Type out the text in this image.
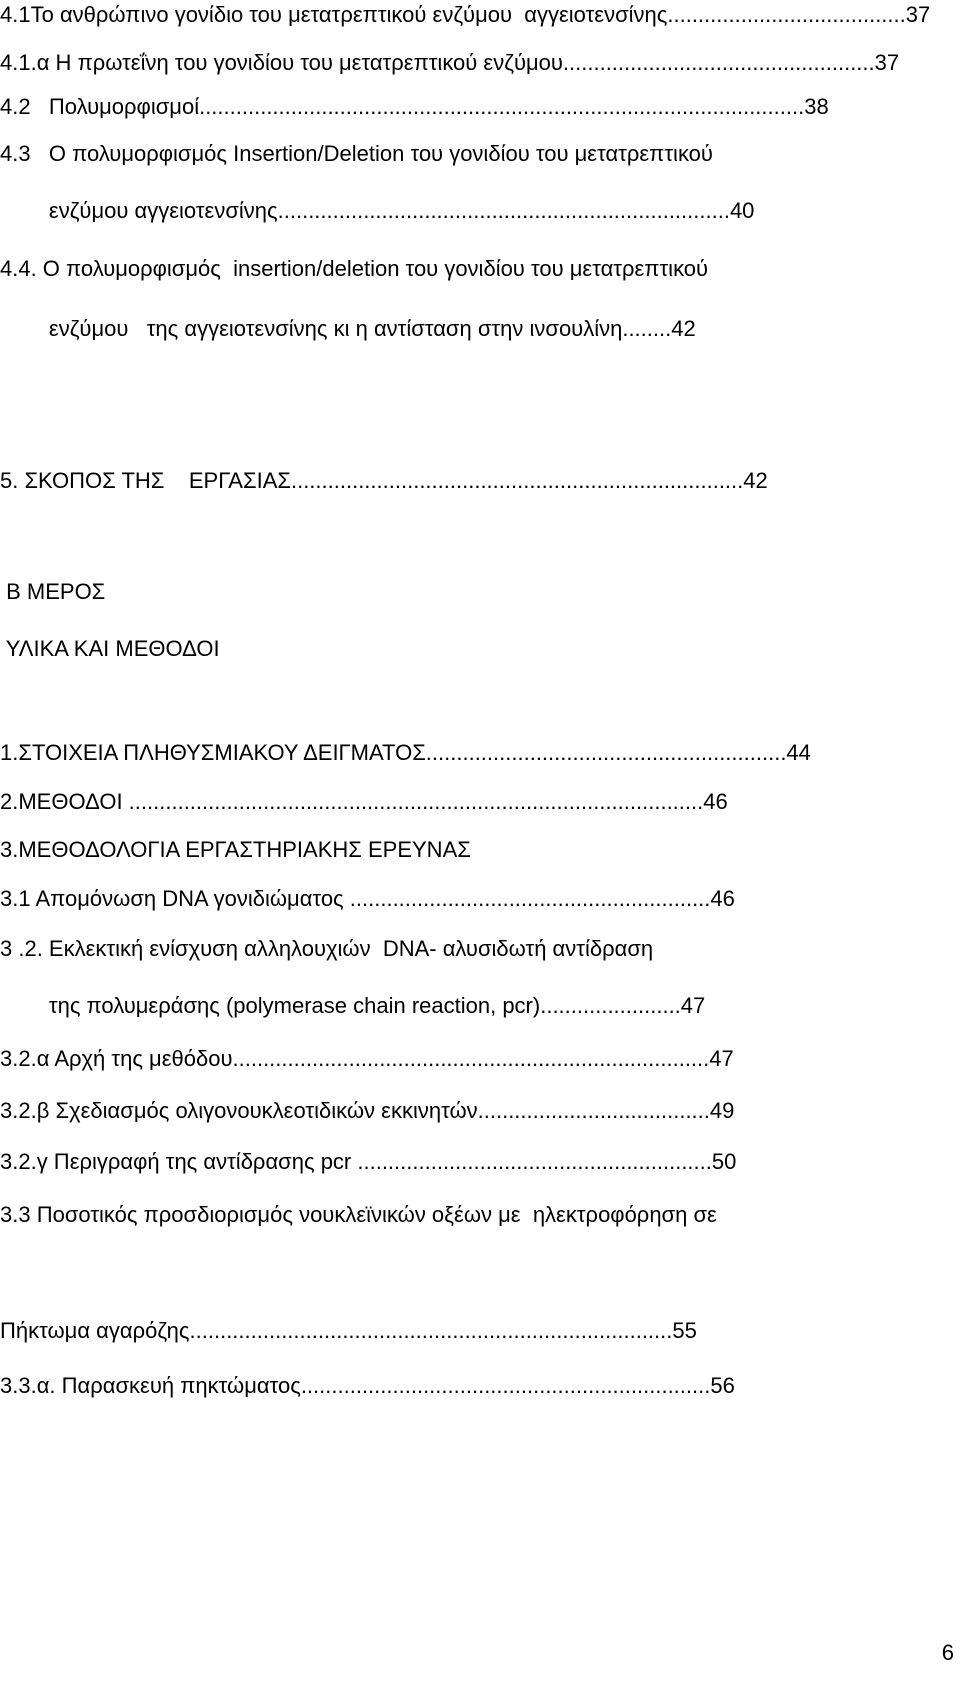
4.1Το ανθρώπινο γονίδιο του μετατρεπτικού ενζύμου  αγγειοτενσίνης.......................................37
4.1.α Η πρωτεΐνη του γονιδίου του μετατρεπτικού ενζύμου...................................................37
4.2   Πολυμορφισμοί...................................................................................................38
4.3   Ο πολυμορφισμός Insertion/Deletion του γονιδίου του μετατρεπτικού
ενζύμου αγγειοτενσίνης..........................................................................40
4.4. Ο πολυμορφισμός  insertion/deletion του γονιδίου του μετατρεπτικού
ενζύμου   της αγγειοτενσίνης κι η αντίσταση στην ινσουλίνη........42
5. ΣΚΟΠΟΣ ΤΗΣ    ΕΡΓΑΣΙΑΣ..........................................................................42
Β ΜΕΡΟΣ
ΥΛΙΚΑ ΚΑΙ ΜΕΘΟΔΟΙ
1.ΣΤΟΙΧΕΙΑ ΠΛΗΘΥΣΜΙΑΚΟΥ ΔΕΙΓΜΑΤΟΣ...........................................................44
2.ΜΕΘΟΔΟΙ ..............................................................................................46
3.ΜΕΘΟΔΟΛΟΓΙΑ ΕΡΓΑΣΤΗΡΙΑΚΗΣ ΕΡΕΥΝΑΣ
3.1 Απομόνωση DNA γονιδιώματος ...........................................................46
3 .2. Εκλεκτική ενίσχυση αλληλουχιών  DNA- αλυσιδωτή αντίδραση
της πολυμεράσης (polymerase chain reaction, pcr).......................47
3.2.α Αρχή της μεθόδου..............................................................................47
3.2.β Σχεδιασμός ολιγονουκλεοτιδικών εκκινητών......................................49
3.2.γ Περιγραφή της αντίδρασης pcr ..........................................................50
3.3 Ποσοτικός προσδιορισμός νουκλεϊνικών οξέων με  ηλεκτροφόρηση σε
Πήκτωμα αγαρόζης...............................................................................55
3.3.α. Παρασκευή πηκτώματος...................................................................56
6
